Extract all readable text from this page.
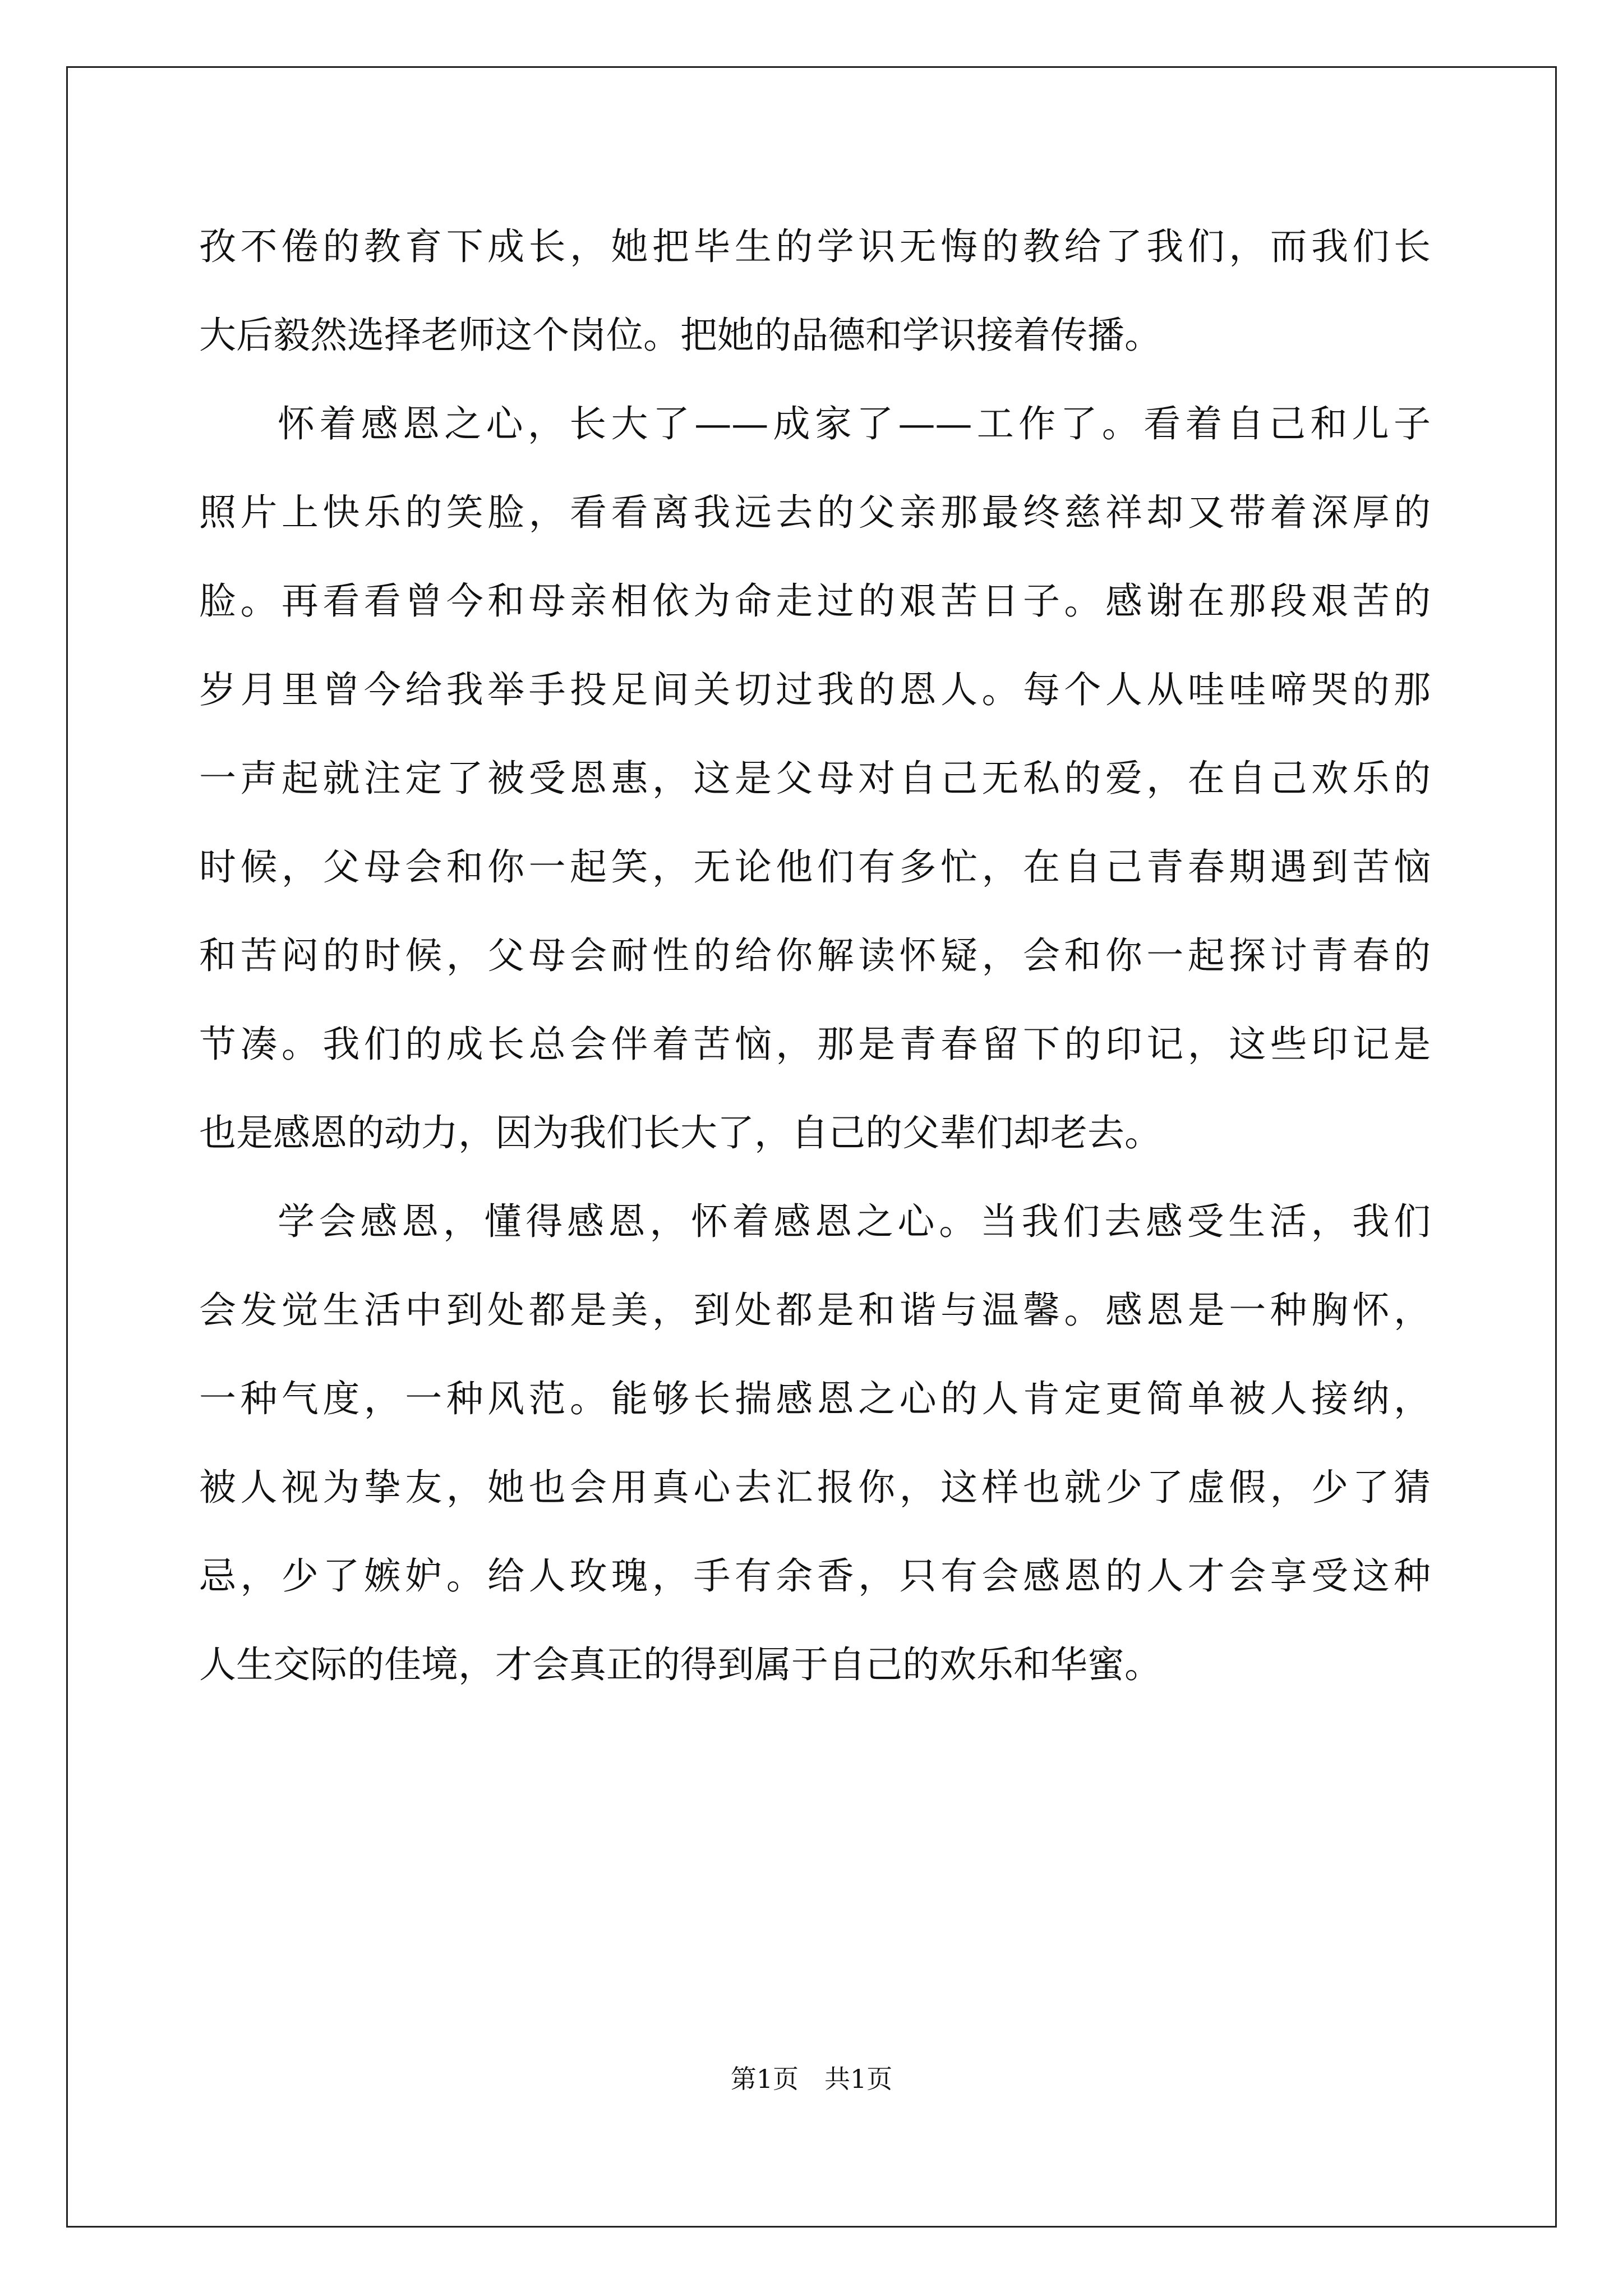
孜不倦的教育下成长，她把毕生的学识无悔的教给了我们，而我们长
大后毅然选择老师这个岗位。把她的品德和学识接着传播。
怀着感恩之心，长大了——成家了——工作了。看着自己和儿子
照片上快乐的笑脸，看看离我远去的父亲那最终慈祥却又带着深厚的
脸。再看看曾今和母亲相依为命走过的艰苦日子。感谢在那段艰苦的
岁月里曾今给我举手投足间关切过我的恩人。每个人从哇哇啼哭的那
一声起就注定了被受恩惠，这是父母对自己无私的爱，在自己欢乐的
时候，父母会和你一起笑，无论他们有多忙，在自己青春期遇到苦恼
和苦闷的时候，父母会耐性的给你解读怀疑，会和你一起探讨青春的
节凑。我们的成长总会伴着苦恼，那是青春留下的印记，这些印记是
也是感恩的动力，因为我们长大了，自己的父辈们却老去。
学会感恩，懂得感恩，怀着感恩之心。当我们去感受生活，我们
会发觉生活中到处都是美，到处都是和谐与温馨。感恩是一种胸怀，
一种气度，一种风范。能够长揣感恩之心的人肯定更简单被人接纳，
被人视为挚友，她也会用真心去汇报你，这样也就少了虚假，少了猜
忌，少了嫉妒。给人玫瑰，手有余香，只有会感恩的人才会享受这种
人生交际的佳境，才会真正的得到属于自己的欢乐和华蜜。
第1页　共1页
